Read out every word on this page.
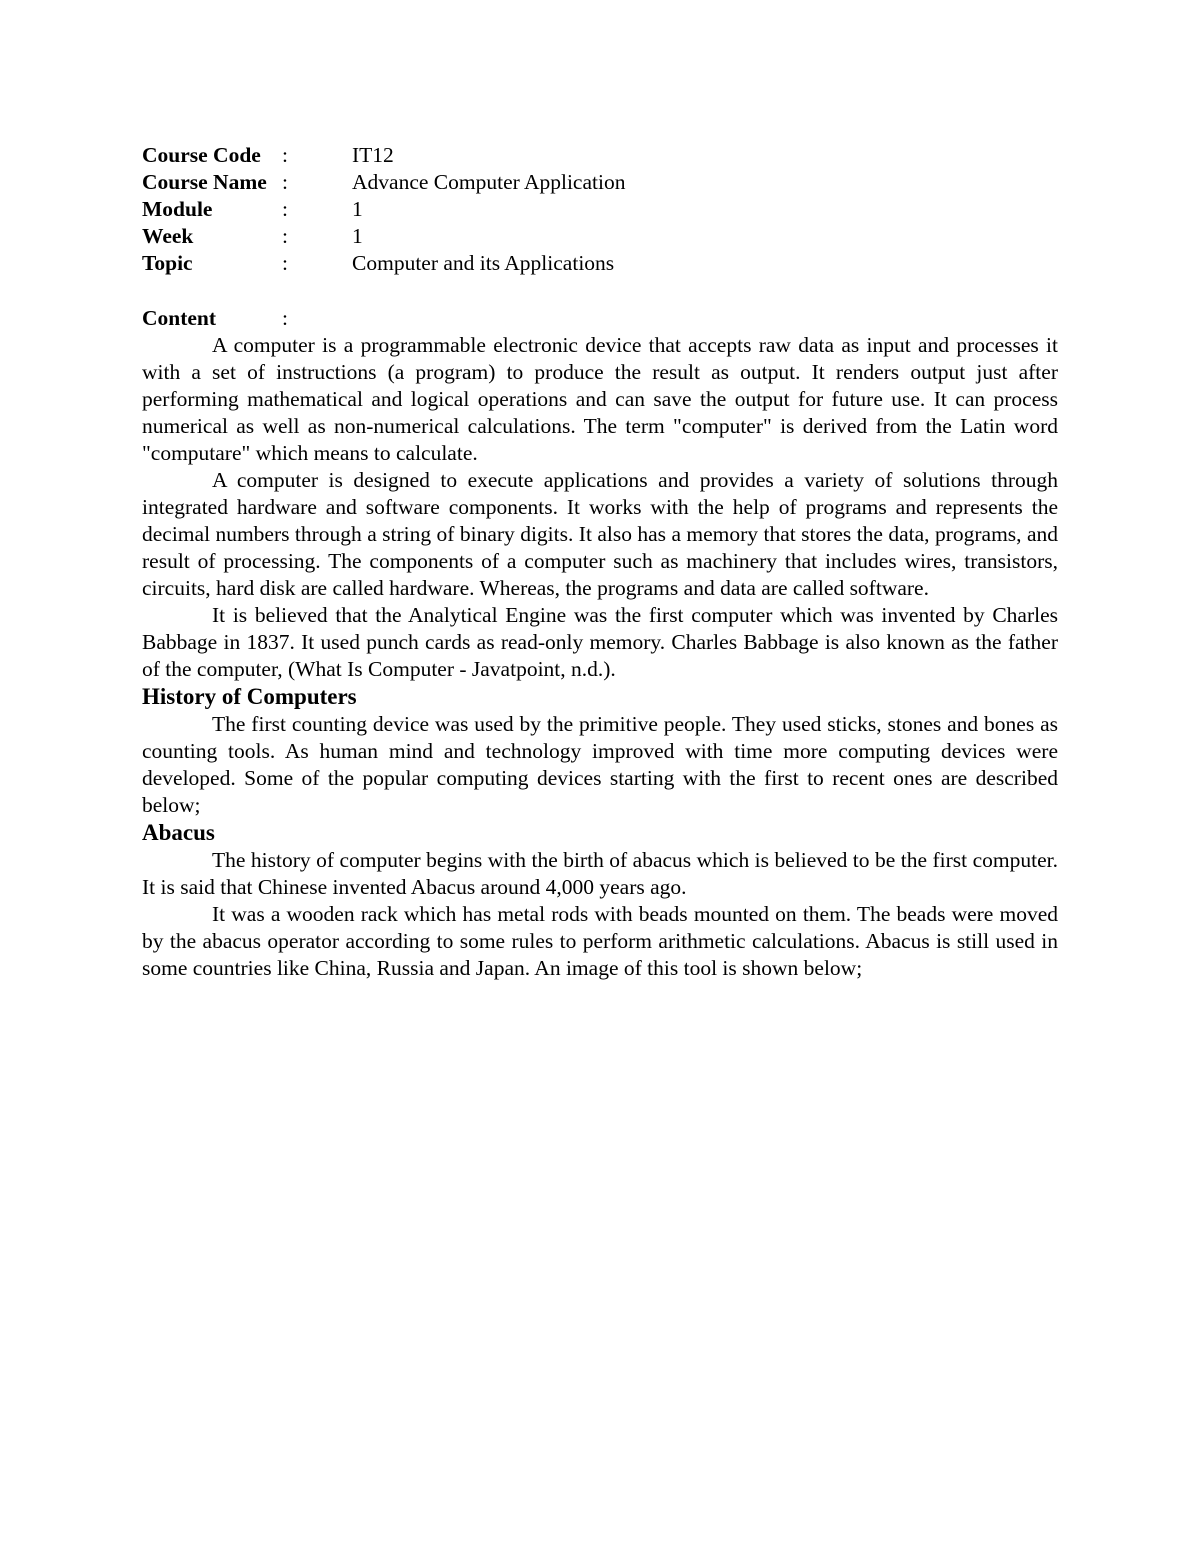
Course Code :	IT12
Course Name :	Advance Computer Application
Module	:	1
Week	:	1
Topic	:	Computer and its Applications
Content	:

A computer is a programmable electronic device that accepts raw data as input and processes it with a set of instructions (a program) to produce the result as output. It renders output just after performing mathematical and logical operations and can save the output for future use. It can process numerical as well as non-numerical calculations. The term "computer" is derived from the Latin word "computare" which means to calculate.

A computer is designed to execute applications and provides a variety of solutions through integrated hardware and software components. It works with the help of programs and represents the decimal numbers through a string of binary digits. It also has a memory that stores the data, programs, and result of processing. The components of a computer such as machinery that includes wires, transistors, circuits, hard disk are called hardware. Whereas, the programs and data are called software.

It is believed that the Analytical Engine was the first computer which was invented by Charles Babbage in 1837. It used punch cards as read-only memory. Charles Babbage is also known as the father of the computer, (What Is Computer - Javatpoint, n.d.).

History of Computers

The first counting device was used by the primitive people. They used sticks, stones and bones as counting tools. As human mind and technology improved with time more computing devices were developed. Some of the popular computing devices starting with the first to recent ones are described below;

Abacus

The history of computer begins with the birth of abacus which is believed to be the first computer. It is said that Chinese invented Abacus around 4,000 years ago.

It was a wooden rack which has metal rods with beads mounted on them. The beads were moved by the abacus operator according to some rules to perform arithmetic calculations. Abacus is still used in some countries like China, Russia and Japan. An image of this tool is shown below;
